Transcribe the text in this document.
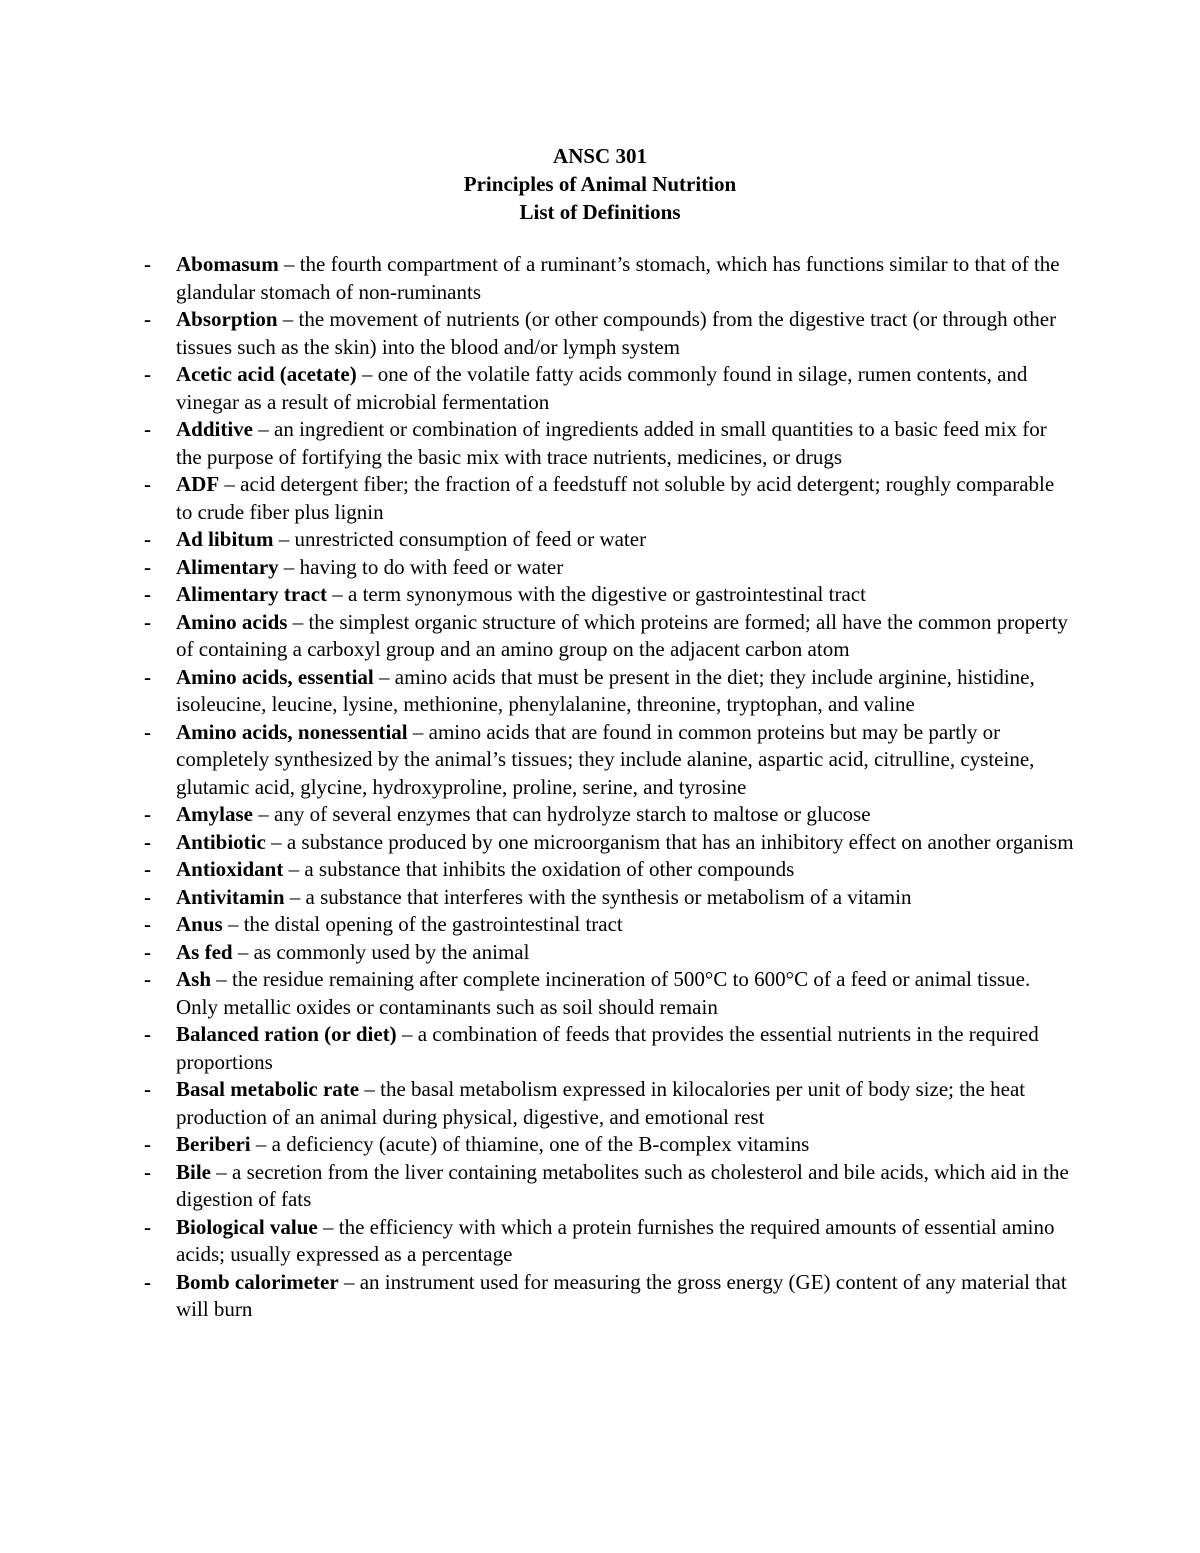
ANSC 301
Principles of Animal Nutrition
List of Definitions
- Abomasum – the fourth compartment of a ruminant’s stomach, which has functions similar to that of the glandular stomach of non-ruminants
- Absorption – the movement of nutrients (or other compounds) from the digestive tract (or through other tissues such as the skin) into the blood and/or lymph system
- Acetic acid (acetate) – one of the volatile fatty acids commonly found in silage, rumen contents, and vinegar as a result of microbial fermentation
- Additive – an ingredient or combination of ingredients added in small quantities to a basic feed mix for the purpose of fortifying the basic mix with trace nutrients, medicines, or drugs
- ADF – acid detergent fiber; the fraction of a feedstuff not soluble by acid detergent; roughly comparable to crude fiber plus lignin
- Ad libitum – unrestricted consumption of feed or water
- Alimentary – having to do with feed or water
- Alimentary tract – a term synonymous with the digestive or gastrointestinal tract
- Amino acids – the simplest organic structure of which proteins are formed; all have the common property of containing a carboxyl group and an amino group on the adjacent carbon atom
- Amino acids, essential – amino acids that must be present in the diet; they include arginine, histidine, isoleucine, leucine, lysine, methionine, phenylalanine, threonine, tryptophan, and valine
- Amino acids, nonessential – amino acids that are found in common proteins but may be partly or completely synthesized by the animal’s tissues; they include alanine, aspartic acid, citrulline, cysteine, glutamic acid, glycine, hydroxyproline, proline, serine, and tyrosine
- Amylase – any of several enzymes that can hydrolyze starch to maltose or glucose
- Antibiotic – a substance produced by one microorganism that has an inhibitory effect on another organism
- Antioxidant – a substance that inhibits the oxidation of other compounds
- Antivitamin – a substance that interferes with the synthesis or metabolism of a vitamin
- Anus – the distal opening of the gastrointestinal tract
- As fed – as commonly used by the animal
- Ash – the residue remaining after complete incineration of 500°C to 600°C of a feed or animal tissue. Only metallic oxides or contaminants such as soil should remain
- Balanced ration (or diet) – a combination of feeds that provides the essential nutrients in the required proportions
- Basal metabolic rate – the basal metabolism expressed in kilocalories per unit of body size; the heat production of an animal during physical, digestive, and emotional rest
- Beriberi – a deficiency (acute) of thiamine, one of the B-complex vitamins
- Bile – a secretion from the liver containing metabolites such as cholesterol and bile acids, which aid in the digestion of fats
- Biological value – the efficiency with which a protein furnishes the required amounts of essential amino acids; usually expressed as a percentage
- Bomb calorimeter – an instrument used for measuring the gross energy (GE) content of any material that will burn
